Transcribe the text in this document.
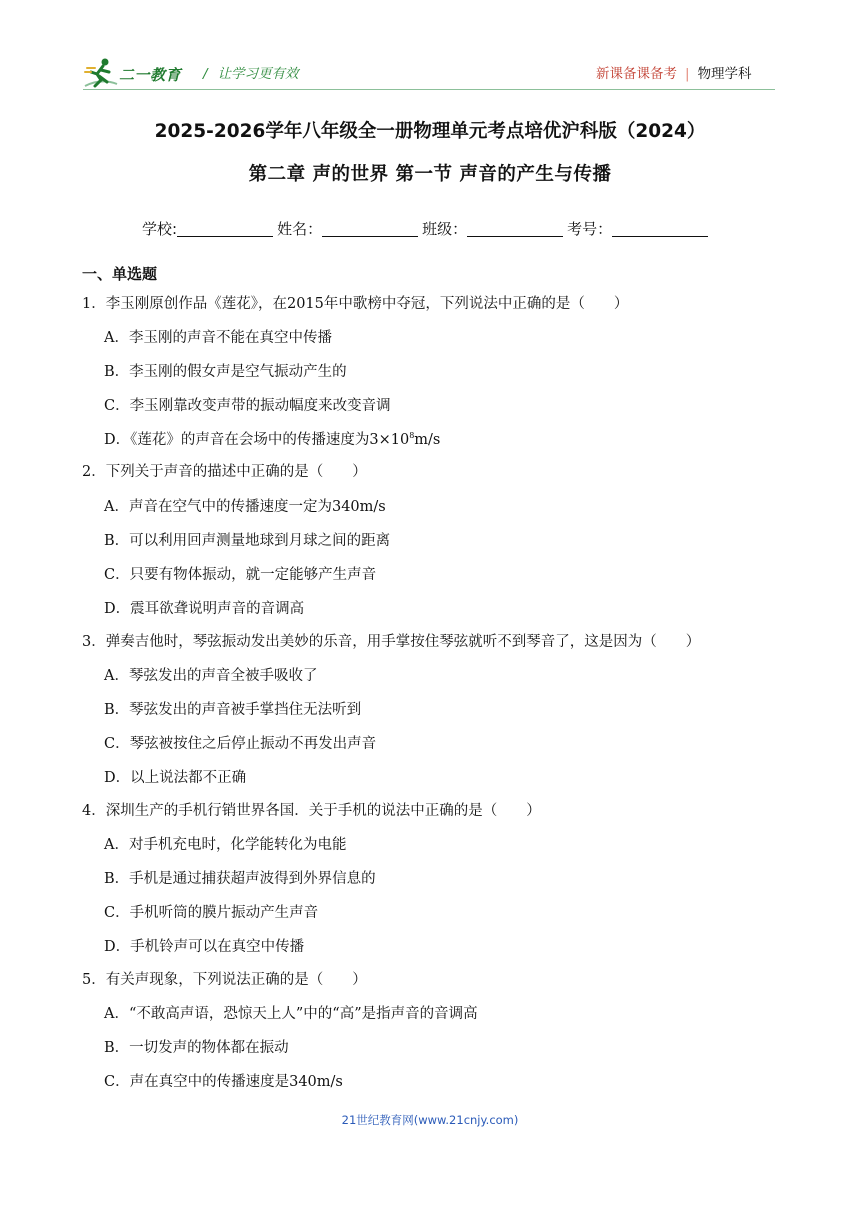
二一教育 / 让学习更有效	新课备课备考 | 物理学科
2025-2026学年八年级全一册物理单元考点培优沪科版（2024）
第二章 声的世界 第一节 声音的产生与传播
学校:	姓名：	班级：	考号：
一、单选题
1．李玉刚原创作品《莲花》，在2015年中歌榜中夺冠，下列说法中正确的是（　　）
A．李玉刚的声音不能在真空中传播
B．李玉刚的假女声是空气振动产生的
C．李玉刚靠改变声带的振动幅度来改变音调
D．《莲花》的声音在会场中的传播速度为$3\times 10^8m/s$
2．下列关于声音的描述中正确的是（　　）
A．声音在空气中的传播速度一定为340m/s
B．可以利用回声测量地球到月球之间的距离
C．只要有物体振动，就一定能够产生声音
D．震耳欲聋说明声音的音调高
3．弹奏吉他时，琴弦振动发出美妙的乐音，用手掌按住琴弦就听不到琴音了，这是因为（　　）
A．琴弦发出的声音全被手吸收了
B．琴弦发出的声音被手掌挡住无法听到
C．琴弦被按住之后停止振动不再发出声音
D．以上说法都不正确
4．深圳生产的手机行销世界各国．关于手机的说法中正确的是（　　）
A．对手机充电时，化学能转化为电能
B．手机是通过捕获超声波得到外界信息的
C．手机听筒的膜片振动产生声音
D．手机铃声可以在真空中传播
5．有关声现象，下列说法正确的是（　　）
A．“不敢高声语，恐惊天上人”中的“高”是指声音的音调高
B．一切发声的物体都在振动
C．声在真空中的传播速度是340m/s
21世纪教育网(www.21cnjy.com)
